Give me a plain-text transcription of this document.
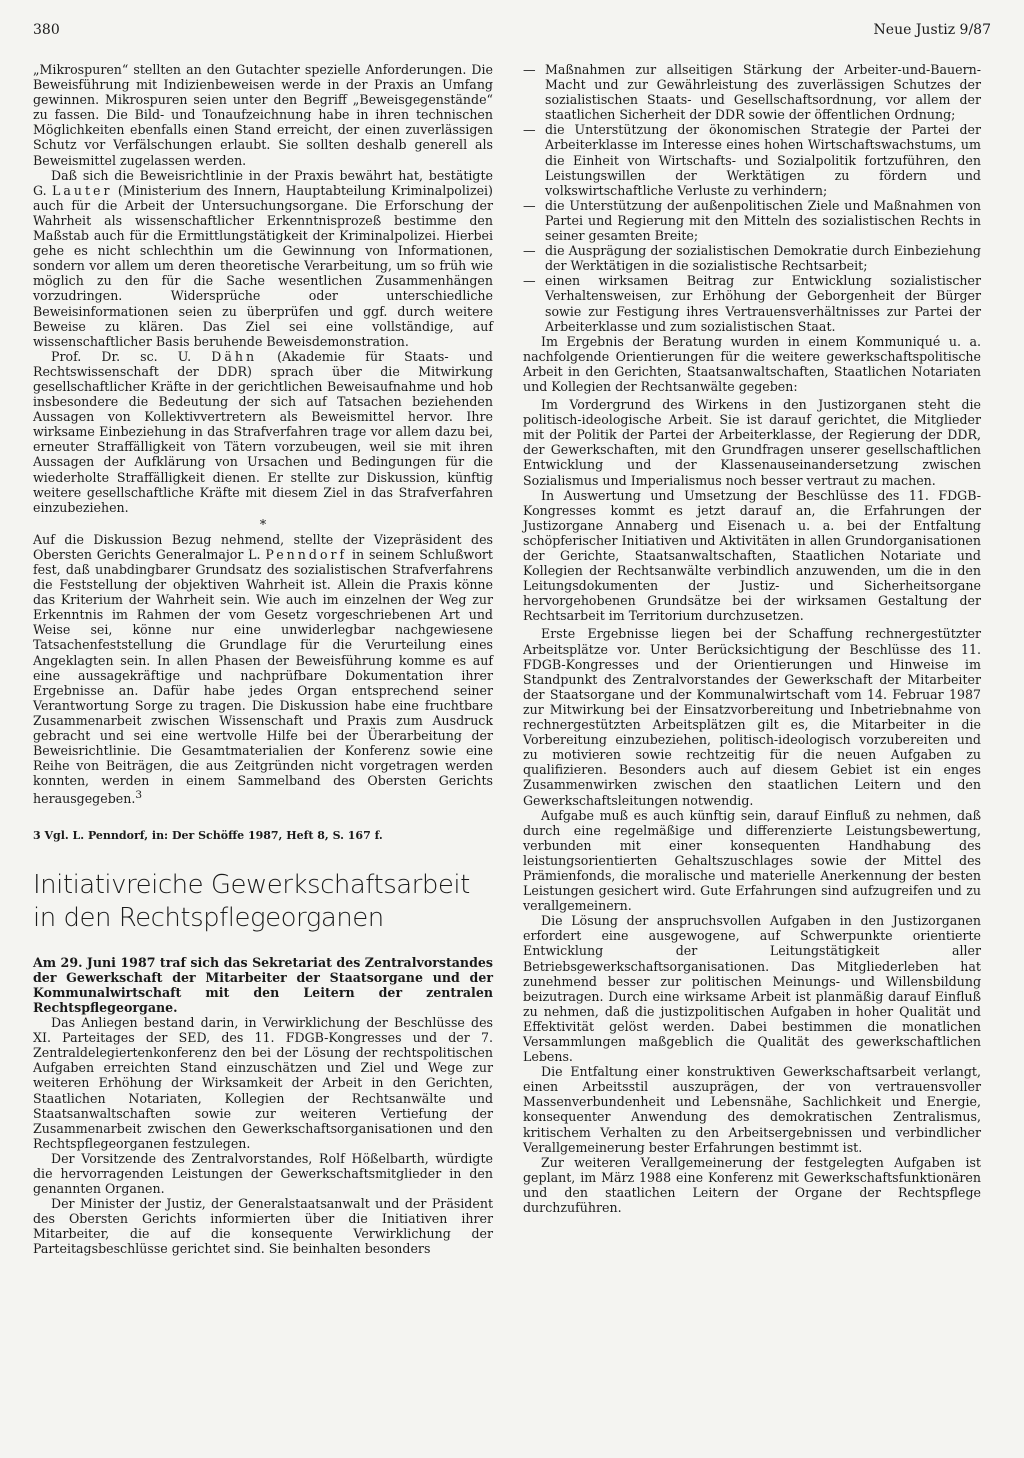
380	Neue Justiz 9/87

„Mikrospuren“ stellten an den Gutachter spezielle Anforderungen. Die Beweisführung mit Indizienbeweisen werde in der Praxis an Umfang gewinnen. Mikrospuren seien unter den Begriff „Beweisgegenstände“ zu fassen. Die Bild- und Tonaufzeichnung habe in ihren technischen Möglichkeiten ebenfalls einen Stand erreicht, der einen zuverlässigen Schutz vor Verfälschungen erlaubt. Sie sollten deshalb generell als Beweismittel zugelassen werden.

Daß sich die Beweisrichtlinie in der Praxis bewährt hat, bestätigte G. Lauter (Ministerium des Innern, Hauptabteilung Kriminalpolizei) auch für die Arbeit der Untersuchungsorgane. Die Erforschung der Wahrheit als wissenschaftlicher Erkenntnisprozeß bestimme den Maßstab auch für die Ermittlungstätigkeit der Kriminalpolizei. Hierbei gehe es nicht schlechthin um die Gewinnung von Informationen, sondern vor allem um deren theoretische Verarbeitung, um so früh wie möglich zu den für die Sache wesentlichen Zusammenhängen vorzudringen. Widersprüche oder unterschiedliche Beweisinformationen seien zu überprüfen und ggf. durch weitere Beweise zu klären. Das Ziel sei eine vollständige, auf wissenschaftlicher Basis beruhende Beweisdemonstration.

Prof. Dr. sc. U. Dähn (Akademie für Staats- und Rechtswissenschaft der DDR) sprach über die Mitwirkung gesellschaftlicher Kräfte in der gerichtlichen Beweisaufnahme und hob insbesondere die Bedeutung der sich auf Tatsachen beziehenden Aussagen von Kollektivvertretern als Beweismittel hervor. Ihre wirksame Einbeziehung in das Strafverfahren trage vor allem dazu bei, erneuter Straffälligkeit von Tätern vorzubeugen, weil sie mit ihren Aussagen der Aufklärung von Ursachen und Bedingungen für die wiederholte Straffälligkeit dienen. Er stellte zur Diskussion, künftig weitere gesellschaftliche Kräfte mit diesem Ziel in das Strafverfahren einzubeziehen.

*

Auf die Diskussion Bezug nehmend, stellte der Vizepräsident des Obersten Gerichts Generalmajor L. Penndorf in seinem Schlußwort fest, daß unabdingbarer Grundsatz des sozialistischen Strafverfahrens die Feststellung der objektiven Wahrheit ist. Allein die Praxis könne das Kriterium der Wahrheit sein. Wie auch im einzelnen der Weg zur Erkenntnis im Rahmen der vom Gesetz vorgeschriebenen Art und Weise sei, könne nur eine unwiderlegbar nachgewiesene Tatsachenfeststellung die Grundlage für die Verurteilung eines Angeklagten sein. In allen Phasen der Beweisführung komme es auf eine aussagekräftige und nachprüfbare Dokumentation ihrer Ergebnisse an. Dafür habe jedes Organ entsprechend seiner Verantwortung Sorge zu tragen. Die Diskussion habe eine fruchtbare Zusammenarbeit zwischen Wissenschaft und Praxis zum Ausdruck gebracht und sei eine wertvolle Hilfe bei der Überarbeitung der Beweisrichtlinie. Die Gesamtmaterialien der Konferenz sowie eine Reihe von Beiträgen, die aus Zeitgründen nicht vorgetragen werden konnten, werden in einem Sammelband des Obersten Gerichts herausgegeben.$^3$

3 Vgl. L. Penndorf, in: Der Schöffe 1987, Heft 8, S. 167 f.
Initiativreiche Gewerkschaftsarbeit
in den Rechtspflegeorganen

Am 29. Juni 1987 traf sich das Sekretariat des Zentralvorstandes der Gewerkschaft der Mitarbeiter der Staatsorgane und der Kommunalwirtschaft mit den Leitern der zentralen Rechtspflegeorgane.

Das Anliegen bestand darin, in Verwirklichung der Beschlüsse des XI. Parteitages der SED, des 11. FDGB-Kongresses und der 7. Zentraldelegiertenkonferenz den bei der Lösung der rechtspolitischen Aufgaben erreichten Stand einzuschätzen und Ziel und Wege zur weiteren Erhöhung der Wirksamkeit der Arbeit in den Gerichten, Staatlichen Notariaten, Kollegien der Rechtsanwälte und Staatsanwaltschaften sowie zur weiteren Vertiefung der Zusammenarbeit zwischen den Gewerkschaftsorganisationen und den Rechtspflegeorganen festzulegen.

Der Vorsitzende des Zentralvorstandes, Rolf Hößelbarth, würdigte die hervorragenden Leistungen der Gewerkschaftsmitglieder in den genannten Organen.

Der Minister der Justiz, der Generalstaatsanwalt und der Präsident des Obersten Gerichts informierten über die Initiativen ihrer Mitarbeiter, die auf die konsequente Verwirklichung der Parteitagsbeschlüsse gerichtet sind. Sie beinhalten besonders

— Maßnahmen zur allseitigen Stärkung der Arbeiter-und-Bauern-Macht und zur Gewährleistung des zuverlässigen Schutzes der sozialistischen Staats- und Gesellschaftsordnung, vor allem der staatlichen Sicherheit der DDR sowie der öffentlichen Ordnung;
— die Unterstützung der ökonomischen Strategie der Partei der Arbeiterklasse im Interesse eines hohen Wirtschaftswachstums, um die Einheit von Wirtschafts- und Sozialpolitik fortzuführen, den Leistungswillen der Werktätigen zu fördern und volkswirtschaftliche Verluste zu verhindern;
— die Unterstützung der außenpolitischen Ziele und Maßnahmen von Partei und Regierung mit den Mitteln des sozialistischen Rechts in seiner gesamten Breite;
— die Ausprägung der sozialistischen Demokratie durch Einbeziehung der Werktätigen in die sozialistische Rechtsarbeit;
— einen wirksamen Beitrag zur Entwicklung sozialistischer Verhaltensweisen, zur Erhöhung der Geborgenheit der Bürger sowie zur Festigung ihres Vertrauensverhältnisses zur Partei der Arbeiterklasse und zum sozialistischen Staat.

Im Ergebnis der Beratung wurden in einem Kommuniqué u. a. nachfolgende Orientierungen für die weitere gewerkschaftspolitische Arbeit in den Gerichten, Staatsanwaltschaften, Staatlichen Notariaten und Kollegien der Rechtsanwälte gegeben:

Im Vordergrund des Wirkens in den Justizorganen steht die politisch-ideologische Arbeit. Sie ist darauf gerichtet, die Mitglieder mit der Politik der Partei der Arbeiterklasse, der Regierung der DDR, der Gewerkschaften, mit den Grundfragen unserer gesellschaftlichen Entwicklung und der Klassenauseinandersetzung zwischen Sozialismus und Imperialismus noch besser vertraut zu machen.

In Auswertung und Umsetzung der Beschlüsse des 11. FDGB-Kongresses kommt es jetzt darauf an, die Erfahrungen der Justizorgane Annaberg und Eisenach u. a. bei der Entfaltung schöpferischer Initiativen und Aktivitäten in allen Grundorganisationen der Gerichte, Staatsanwaltschaften, Staatlichen Notariate und Kollegien der Rechtsanwälte verbindlich anzuwenden, um die in den Leitungsdokumenten der Justiz- und Sicherheitsorgane hervorgehobenen Grundsätze bei der wirksamen Gestaltung der Rechtsarbeit im Territorium durchzusetzen.

Erste Ergebnisse liegen bei der Schaffung rechnergestützter Arbeitsplätze vor. Unter Berücksichtigung der Beschlüsse des 11. FDGB-Kongresses und der Orientierungen und Hinweise im Standpunkt des Zentralvorstandes der Gewerkschaft der Mitarbeiter der Staatsorgane und der Kommunalwirtschaft vom 14. Februar 1987 zur Mitwirkung bei der Einsatzvorbereitung und Inbetriebnahme von rechnergestützten Arbeitsplätzen gilt es, die Mitarbeiter in die Vorbereitung einzubeziehen, politisch-ideologisch vorzubereiten und zu motivieren sowie rechtzeitig für die neuen Aufgaben zu qualifizieren. Besonders auch auf diesem Gebiet ist ein enges Zusammenwirken zwischen den staatlichen Leitern und den Gewerkschaftsleitungen notwendig.

Aufgabe muß es auch künftig sein, darauf Einfluß zu nehmen, daß durch eine regelmäßige und differenzierte Leistungsbewertung, verbunden mit einer konsequenten Handhabung des leistungsorientierten Gehaltszuschlages sowie der Mittel des Prämienfonds, die moralische und materielle Anerkennung der besten Leistungen gesichert wird. Gute Erfahrungen sind aufzugreifen und zu verallgemeinern.

Die Lösung der anspruchsvollen Aufgaben in den Justizorganen erfordert eine ausgewogene, auf Schwerpunkte orientierte Entwicklung der Leitungstätigkeit aller Betriebsgewerkschaftsorganisationen. Das Mitgliederleben hat zunehmend besser zur politischen Meinungs- und Willensbildung beizutragen. Durch eine wirksame Arbeit ist planmäßig darauf Einfluß zu nehmen, daß die justizpolitischen Aufgaben in hoher Qualität und Effektivität gelöst werden. Dabei bestimmen die monatlichen Versammlungen maßgeblich die Qualität des gewerkschaftlichen Lebens.

Die Entfaltung einer konstruktiven Gewerkschaftsarbeit verlangt, einen Arbeitsstil auszuprägen, der von vertrauensvoller Massenverbundenheit und Lebensnähe, Sachlichkeit und Energie, konsequenter Anwendung des demokratischen Zentralismus, kritischem Verhalten zu den Arbeitsergebnissen und verbindlicher Verallgemeinerung bester Erfahrungen bestimmt ist.

Zur weiteren Verallgemeinerung der festgelegten Aufgaben ist geplant, im März 1988 eine Konferenz mit Gewerkschaftsfunktionären und den staatlichen Leitern der Organe der Rechtspflege durchzuführen.
